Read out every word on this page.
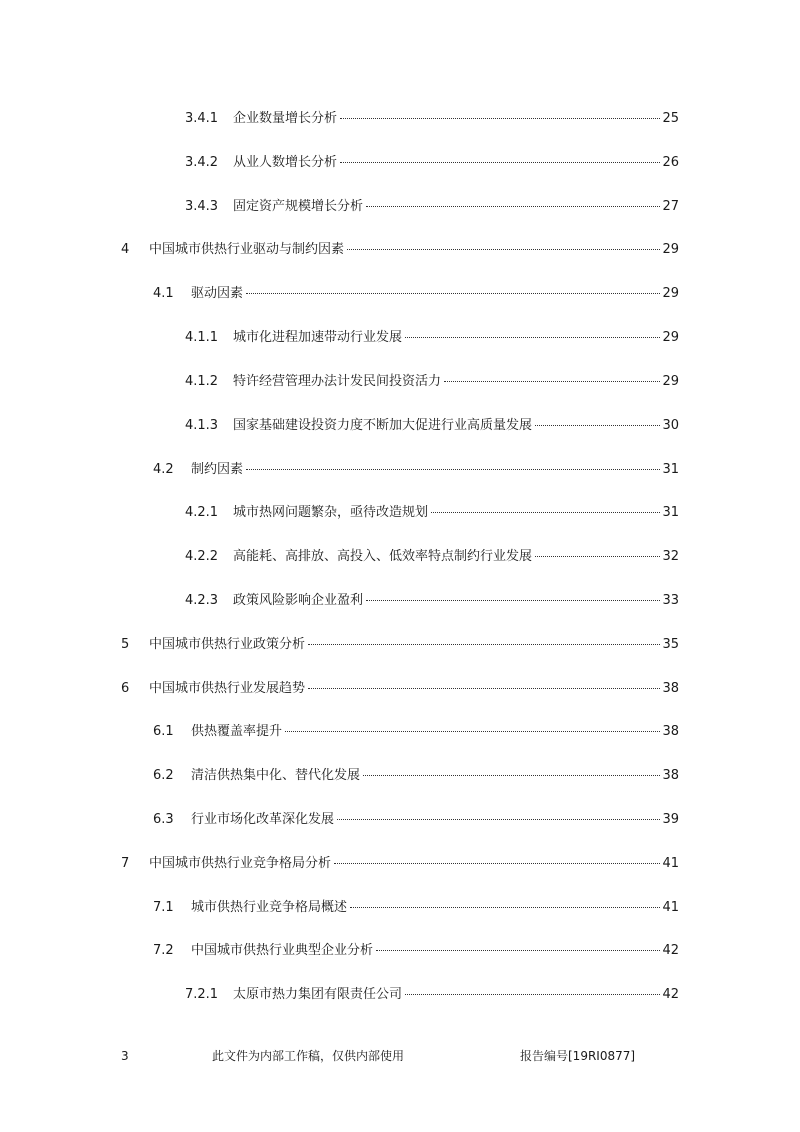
3.4.1 企业数量增长分析	25
3.4.2 从业人数增长分析	26
3.4.3 固定资产规模增长分析	27
4 中国城市供热行业驱动与制约因素	29
4.1 驱动因素	29
4.1.1 城市化进程加速带动行业发展	29
4.1.2 特许经营管理办法计发民间投资活力	29
4.1.3 国家基础建设投资力度不断加大促进行业高质量发展	30
4.2 制约因素	31
4.2.1 城市热网问题繁杂，亟待改造规划	31
4.2.2 高能耗、高排放、高投入、低效率特点制约行业发展	32
4.2.3 政策风险影响企业盈利	33
5 中国城市供热行业政策分析	35
6 中国城市供热行业发展趋势	38
6.1 供热覆盖率提升	38
6.2 清洁供热集中化、替代化发展	38
6.3 行业市场化改革深化发展	39
7 中国城市供热行业竞争格局分析	41
7.1 城市供热行业竞争格局概述	41
7.2 中国城市供热行业典型企业分析	42
7.2.1 太原市热力集团有限责任公司	42
3	此文件为内部工作稿，仅供内部使用	报告编号[19RI0877]
